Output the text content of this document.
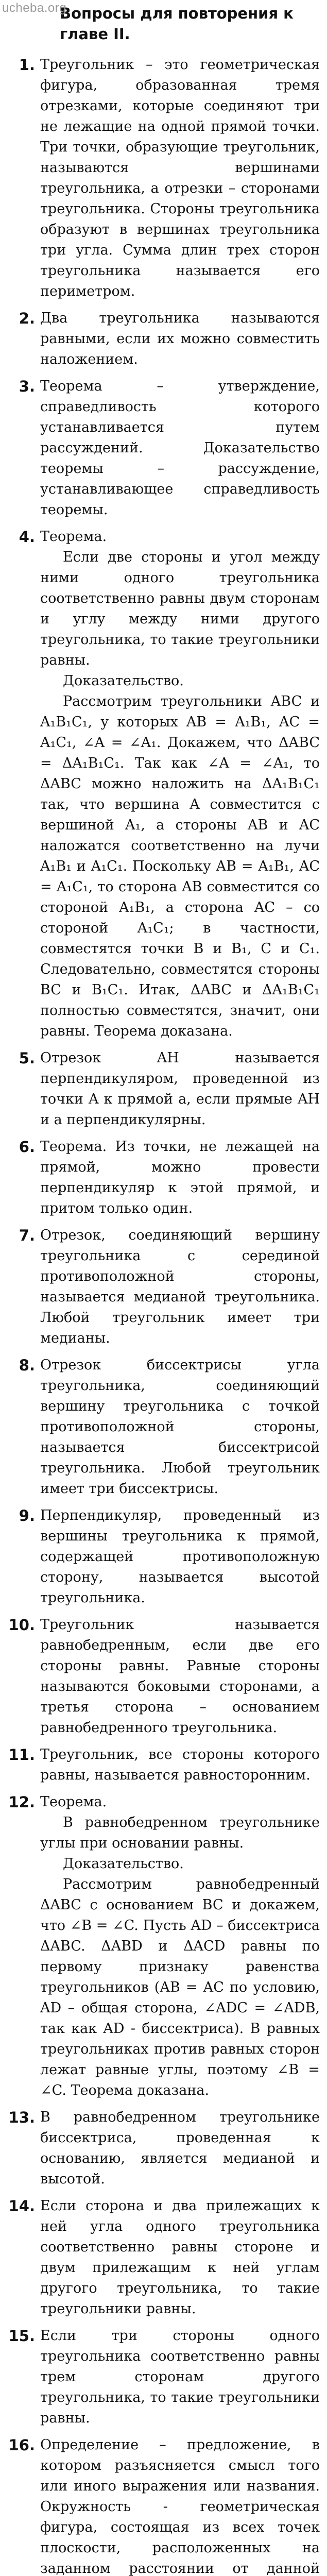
ucheba.org
Вопросы для повторения к главе II.
1. Треугольник – это геометрическая фигура, образованная тремя отрезками, которые соединяют три не лежащие на одной прямой точки. Три точки, образующие треугольник, называются вершинами треугольника, а отрезки – сторонами треугольника. Стороны треугольника образуют в вершинах треугольника три угла. Сумма длин трех сторон треугольника называется его периметром.

2. Два треугольника называются равными, если их можно совместить наложением.

3. Теорема – утверждение, справедливость которого устанавливается путем рассуждений. Доказательство теоремы – рассуждение, устанавливающее справедливость теоремы.

4. Теорема.

Если две стороны и угол между ними одного треугольника соответственно равны двум сторонам и углу между ними другого треугольника, то такие треугольники равны.

Доказательство.

Рассмотрим треугольники ABC и A₁B₁C₁, у которых AB = A₁B₁, AC = A₁C₁, ∠A = ∠A₁. Докажем, что ΔABC = ΔA₁B₁C₁. Так как ∠A = ∠A₁, то ΔABC можно наложить на ΔA₁B₁C₁ так, что вершина A совместится с вершиной A₁, а стороны AB и AC наложатся соответственно на лучи A₁B₁ и A₁C₁. Поскольку AB = A₁B₁, AC = A₁C₁, то сторона AB совместится со стороной A₁B₁, а сторона AC – со стороной A₁C₁; в частности, совместятся точки B и B₁, C и C₁. Следовательно, совместятся стороны BC и B₁C₁. Итак, ΔABC и ΔA₁B₁C₁ полностью совместятся, значит, они равны. Теорема доказана.

5. Отрезок AH называется перпендикуляром, проведенной из точки A к прямой a, если прямые AH и a перпендикулярны.

6. Теорема. Из точки, не лежащей на прямой, можно провести перпендикуляр к этой прямой, и притом только один.

7. Отрезок, соединяющий вершину треугольника с серединой противоположной стороны, называется медианой треугольника. Любой треугольник имеет три медианы.

8. Отрезок биссектрисы угла треугольника, соединяющий вершину треугольника с точкой противоположной стороны, называется биссектрисой треугольника. Любой треугольник имеет три биссектрисы.

9. Перпендикуляр, проведенный из вершины треугольника к прямой, содержащей противоположную сторону, называется высотой треугольника.

10. Треугольник называется равнобедренным, если две его стороны равны. Равные стороны называются боковыми сторонами, а третья сторона – основанием равнобедренного треугольника.

11. Треугольник, все стороны которого равны, называется равносторонним.

12. Теорема.

В равнобедренном треугольнике углы при основании равны.

Доказательство.

Рассмотрим равнобедренный ΔABC с основанием BC и докажем, что ∠B = ∠C. Пусть AD – биссектриса ΔABC. ΔABD и ΔACD равны по первому признаку равенства треугольников (AB = AC по условию, AD – общая сторона, ∠ADC = ∠ADB, так как AD - биссектриса). В равных треугольниках против равных сторон лежат равные углы, поэтому ∠B = ∠C. Теорема доказана.

13. В равнобедренном треугольнике биссектриса, проведенная к основанию, является медианой и высотой.

14. Если сторона и два прилежащих к ней угла одного треугольника соответственно равны стороне и двум прилежащим к ней углам другого треугольника, то такие треугольники равны.

15. Если три стороны одного треугольника соответственно равны трем сторонам другого треугольника, то такие треугольники равны.

16. Определение – предложение, в котором разъясняется смысл того или иного выражения или названия. Окружность - геометрическая фигура, состоящая из всех точек плоскости, расположенных на заданном расстоянии от данной
